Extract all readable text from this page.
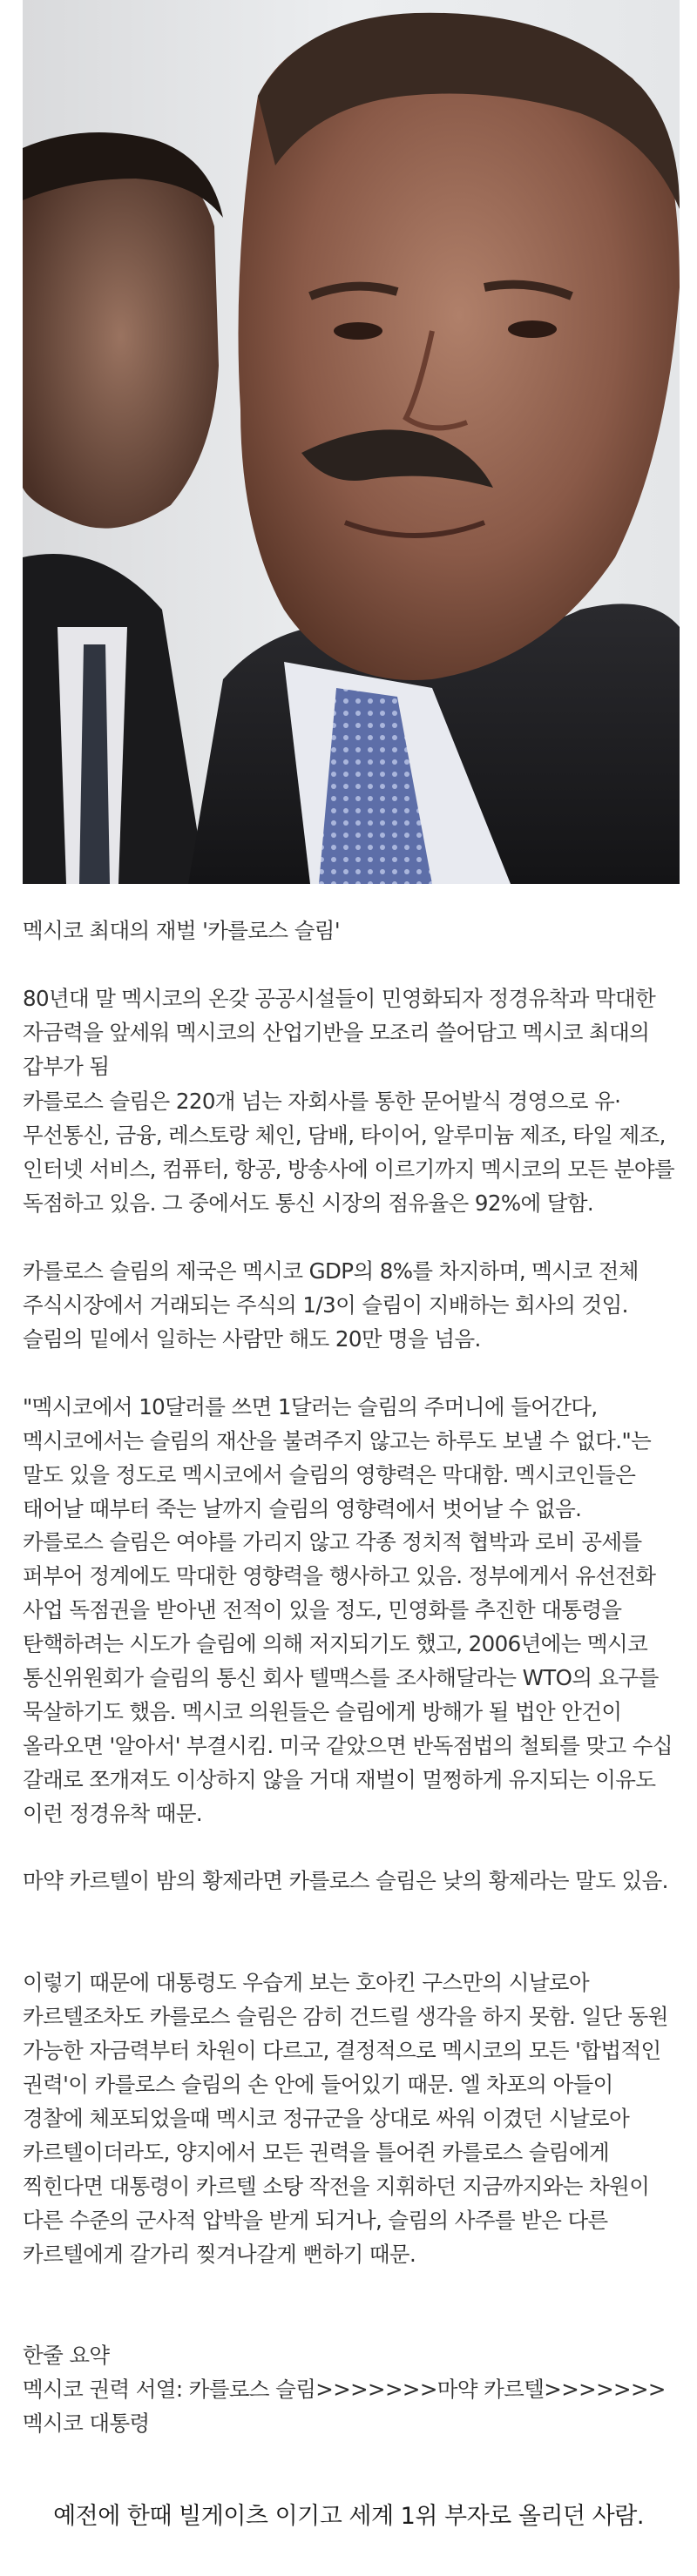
멕시코 최대의 재벌 '카를로스 슬림'
80년대 말 멕시코의 온갖 공공시설들이 민영화되자 정경유착과 막대한 자금력을 앞세워 멕시코의 산업기반을 모조리 쓸어담고 멕시코 최대의 갑부가 됨
카를로스 슬림은 220개 넘는 자회사를 통한 문어발식 경영으로 유·무선통신, 금융, 레스토랑 체인, 담배, 타이어, 알루미늄 제조, 타일 제조, 인터넷 서비스, 컴퓨터, 항공, 방송사에 이르기까지 멕시코의 모든 분야를 독점하고 있음. 그 중에서도 통신 시장의 점유율은 92%에 달함.
카를로스 슬림의 제국은 멕시코 GDP의 8%를 차지하며, 멕시코 전체 주식시장에서 거래되는 주식의 1/3이 슬림이 지배하는 회사의 것임. 슬림의 밑에서 일하는 사람만 해도 20만 명을 넘음.
"멕시코에서 10달러를 쓰면 1달러는 슬림의 주머니에 들어간다, 멕시코에서는 슬림의 재산을 불려주지 않고는 하루도 보낼 수 없다."는 말도 있을 정도로 멕시코에서 슬림의 영향력은 막대함. 멕시코인들은 태어날 때부터 죽는 날까지 슬림의 영향력에서 벗어날 수 없음.
카를로스 슬림은 여야를 가리지 않고 각종 정치적 협박과 로비 공세를 퍼부어 정계에도 막대한 영향력을 행사하고 있음. 정부에게서 유선전화 사업 독점권을 받아낸 전적이 있을 정도, 민영화를 추진한 대통령을 탄핵하려는 시도가 슬림에 의해 저지되기도 했고, 2006년에는 멕시코 통신위원회가 슬림의 통신 회사 텔맥스를 조사해달라는 WTO의 요구를 묵살하기도 했음. 멕시코 의원들은 슬림에게 방해가 될 법안 안건이 올라오면 '알아서' 부결시킴. 미국 같았으면 반독점법의 철퇴를 맞고 수십 갈래로 쪼개져도 이상하지 않을 거대 재벌이 멀쩡하게 유지되는 이유도 이런 정경유착 때문.
마약 카르텔이 밤의 황제라면 카를로스 슬림은 낮의 황제라는 말도 있음.
이렇기 때문에 대통령도 우습게 보는 호아킨 구스만의 시날로아 카르텔조차도 카를로스 슬림은 감히 건드릴 생각을 하지 못함. 일단 동원 가능한 자금력부터 차원이 다르고, 결정적으로 멕시코의 모든 '합법적인 권력'이 카를로스 슬림의 손 안에 들어있기 때문. 엘 차포의 아들이 경찰에 체포되었을때 멕시코 정규군을 상대로 싸워 이겼던 시날로아 카르텔이더라도, 양지에서 모든 권력을 틀어쥔 카를로스 슬림에게 찍힌다면 대통령이 카르텔 소탕 작전을 지휘하던 지금까지와는 차원이 다른 수준의 군사적 압박을 받게 되거나, 슬림의 사주를 받은 다른 카르텔에게 갈가리 찢겨나갈게 뻔하기 때문.
한줄 요약
멕시코 권력 서열: 카를로스 슬림>>>>>>>마약 카르텔>>>>>>>멕시코 대통령
예전에 한때 빌게이츠 이기고 세계 1위 부자로 올리던 사람.
